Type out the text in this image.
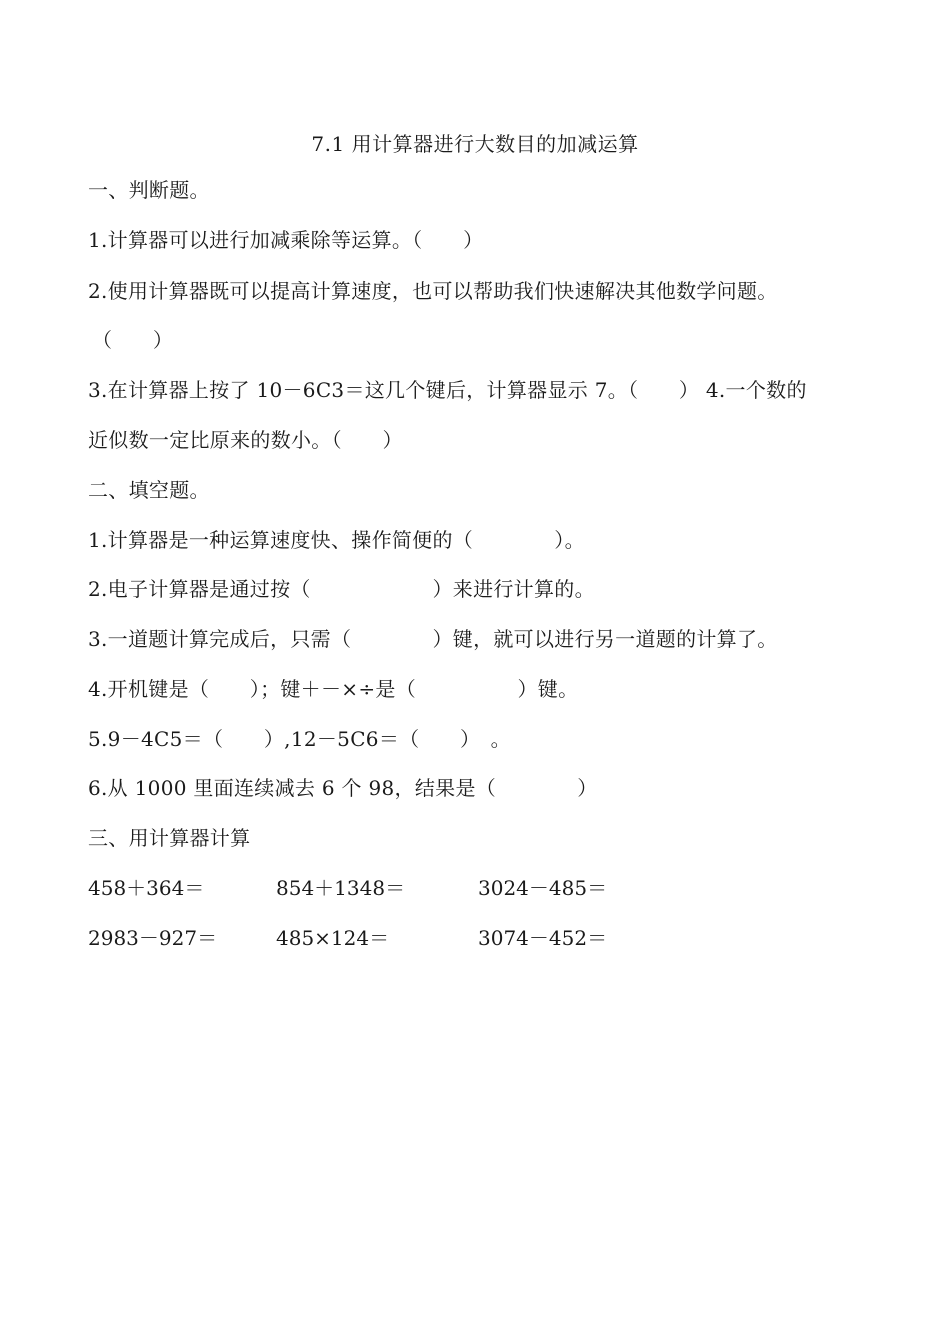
7.1 用计算器进行大数目的加减运算
一、判断题。
1.计算器可以进行加减乘除等运算。（　　）
2.使用计算器既可以提高计算速度，也可以帮助我们快速解决其他数学问题。
（　　）
3.在计算器上按了 10－6C3＝这几个键后，计算器显示 7。（　　） 4.一个数的
近似数一定比原来的数小。（　　）
二、填空题。
1.计算器是一种运算速度快、操作简便的（　　　　）。
2.电子计算器是通过按（　　　　　　）来进行计算的。
3.一道题计算完成后，只需（　　　　）键，就可以进行另一道题的计算了。
4.开机键是（　　）；键＋－×÷是（　　　　　）键。
5.9－4C5＝（　　）,12－5C6＝（　　）　。
6.从 1000 里面连续减去 6 个 98，结果是（　　　　）
三、用计算器计算
458＋364＝	854＋1348＝	3024－485＝
2983－927＝	485×124＝	3074－452＝
